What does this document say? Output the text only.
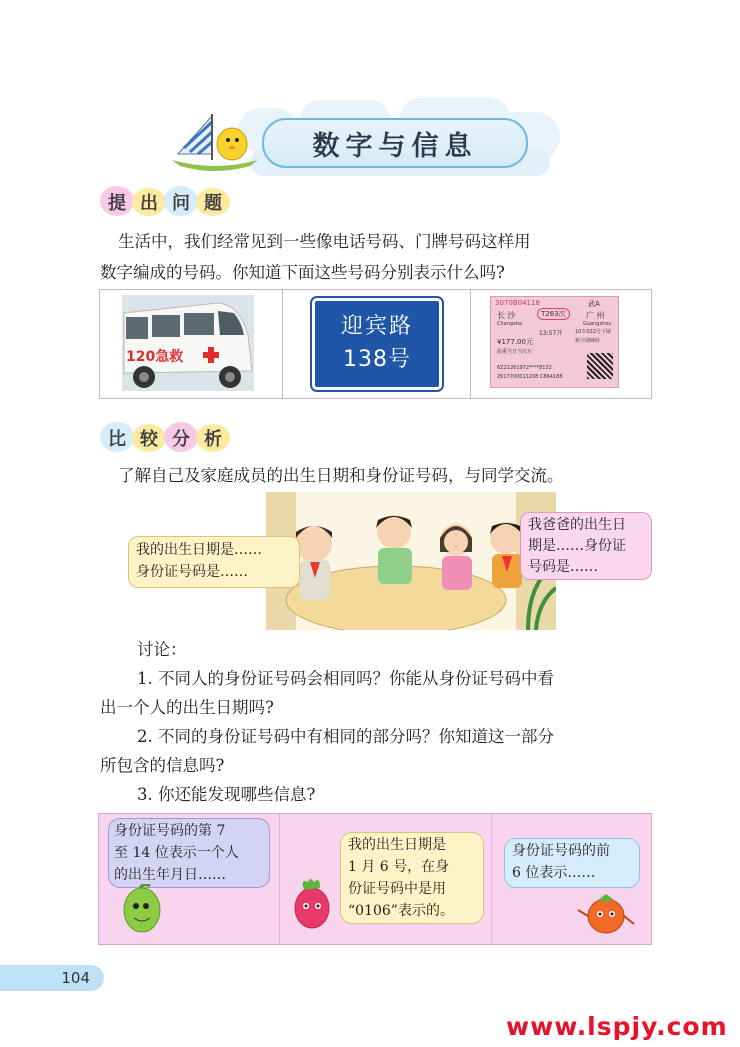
数字与信息
提出问题
生活中，我们经常见到一些像电话号码、门牌号码这样用
数字编成的号码。你知道下面这些号码分别表示什么吗?
120急救
迎宾路
138号
3070B04118	武A
长 沙	T263次	广 州
Changsha	Guangzhou
13:57开	10车022号下铺
¥177.00元	新空调硬卧
限乘当日当次车
6Z21261972****8132
2617700011208 C864188
比较分析
了解自己及家庭成员的出生日期和身份证号码，与同学交流。
我的出生日期是……
身份证号码是……
我爸爸的出生日
期是……身份证
号码是……
讨论：
1. 不同人的身份证号码会相同吗？你能从身份证号码中看
出一个人的出生日期吗?
2. 不同的身份证号码中有相同的部分吗？你知道这一部分
所包含的信息吗?
3. 你还能发现哪些信息?
身份证号码的第 7
至 14 位表示一个人
的出生年月日……
我的出生日期是
1 月 6 号，在身
份证号码中是用
“0106”表示的。
身份证号码的前
6 位表示……
104
www.lspjy.com
